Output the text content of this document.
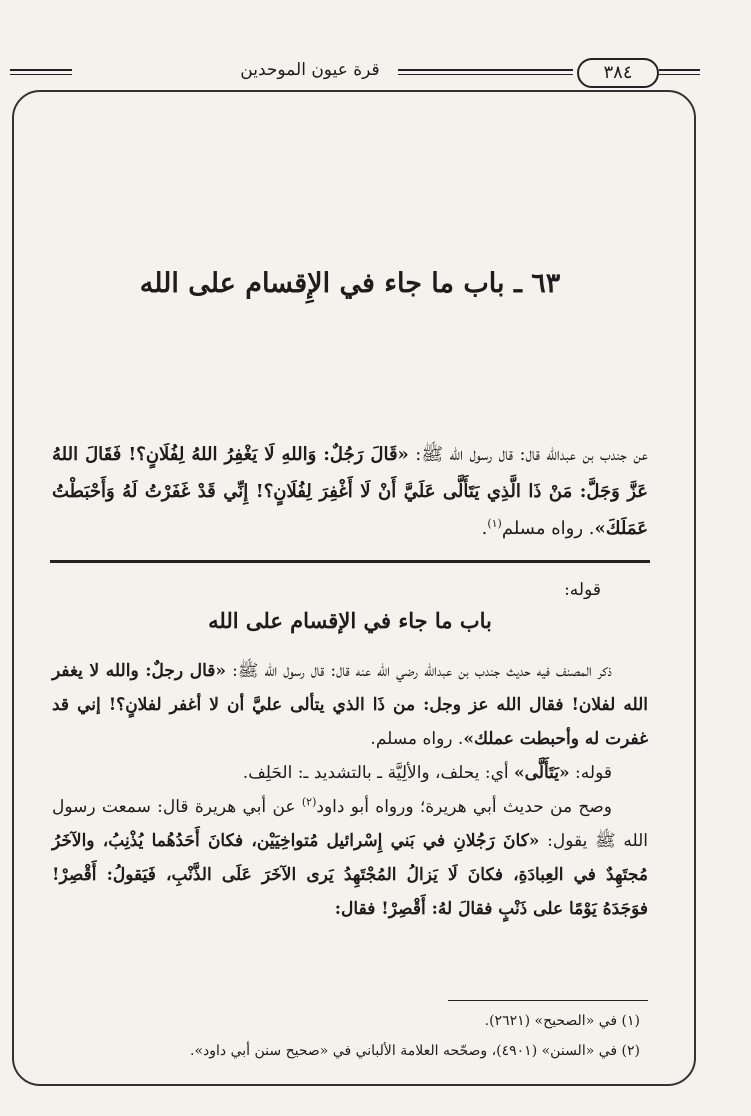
قرة عيون الموحدين	٣٨٤
٦٣ ـ باب ما جاء في الإِقسام على الله
عن جندب بن عبدالله قال: قال رسول الله ﷺ: «قَالَ رَجُلٌ: وَاللهِ لَا يَغْفِرُ اللهُ لِفُلَانٍ؟! فَقَالَ اللهُ عَزَّ وَجَلَّ: مَنْ ذَا الَّذِي يَتَأَلَّى عَلَيَّ أَنْ لَا أَغْفِرَ لِفُلَانٍ؟! إِنِّي قَدْ غَفَرْتُ لَهُ وَأَحْبَطْتُ عَمَلَكَ». رواه مسلم$^{(١)}$.
قوله:
باب ما جاء في الإقسام على الله

ذكر المصنف فيه حديث جندب بن عبدالله رضي الله عنه قال: قال رسول الله ﷺ: «قال رجلٌ: والله لا يغفر الله لفلان! فقال الله عز وجل: من ذَا الذي يتألى عليَّ أن لا أغفر لفلانٍ؟! إني قد غفرت له وأحبطت عملك». رواه مسلم.

قوله: «يَتَأَلَّى» أي: يحلف، والألِيَّة ـ بالتشديد ـ: الحَلِف.

وصح من حديث أبي هريرة؛ ورواه أبو داود$^{(٢)}$ عن أبي هريرة قال: سمعت رسول الله ﷺ يقول: «كانَ رَجُلانِ في بَني إِسْرائيل مُتواخِيَيْن، فكانَ أَحَدُهُما يُذْنِبُ، والآخَرُ مُجتَهِدٌ في العِبادَةِ، فكانَ لَا يَزالُ المُجْتَهِدُ يَرى الآخَرَ عَلَى الذَّنْبِ، فَيَقولُ: أَقْصِرْ! فوَجَدَهُ يَوْمًا على ذَنْبٍ فقالَ لهُ: أَقْصِرْ! فقال:

(١) في «الصحيح» (٢٦٢١).
(٢) في «السنن» (٤٩٠١)، وصحّحه العلامة الألباني في «صحيح سنن أبي داود».
